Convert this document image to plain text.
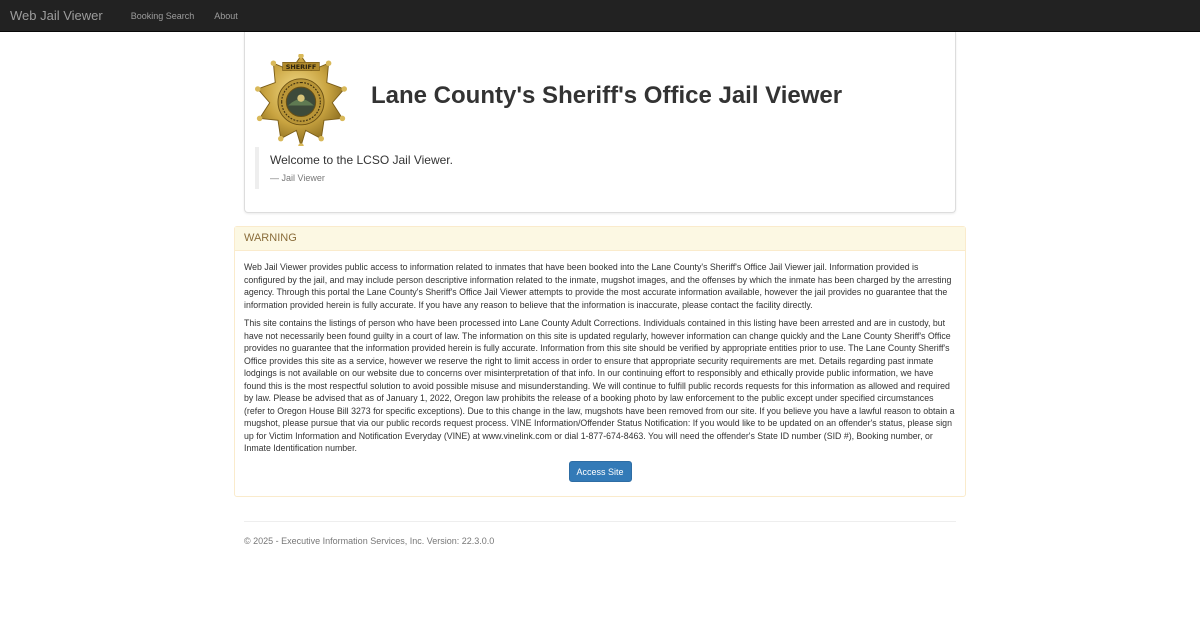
Web Jail Viewer	Booking Search	About
SHERIFF
Lane County's Sheriff's Office Jail Viewer
Welcome to the LCSO Jail Viewer.
— Jail Viewer
WARNING

Web Jail Viewer provides public access to information related to inmates that have been booked into the Lane County's Sheriff's Office Jail Viewer jail. Information provided is configured by the jail, and may include person descriptive information related to the inmate, mugshot images, and the offenses by which the inmate has been charged by the arresting agency. Through this portal the Lane County's Sheriff's Office Jail Viewer attempts to provide the most accurate information available, however the jail provides no guarantee that the information provided herein is fully accurate. If you have any reason to believe that the information is inaccurate, please contact the facility directly.

This site contains the listings of person who have been processed into Lane County Adult Corrections. Individuals contained in this listing have been arrested and are in custody, but have not necessarily been found guilty in a court of law. The information on this site is updated regularly, however information can change quickly and the Lane County Sheriff's Office provides no guarantee that the information provided herein is fully accurate. Information from this site should be verified by appropriate entities prior to use. The Lane County Sheriff's Office provides this site as a service, however we reserve the right to limit access in order to ensure that appropriate security requirements are met. Details regarding past inmate lodgings is not available on our website due to concerns over misinterpretation of that info. In our continuing effort to responsibly and ethically provide public information, we have found this is the most respectful solution to avoid possible misuse and misunderstanding. We will continue to fulfill public records requests for this information as allowed and required by law. Please be advised that as of January 1, 2022, Oregon law prohibits the release of a booking photo by law enforcement to the public except under specified circumstances (refer to Oregon House Bill 3273 for specific exceptions). Due to this change in the law, mugshots have been removed from our site. If you believe you have a lawful reason to obtain a mugshot, please pursue that via our public records request process. VINE Information/Offender Status Notification: If you would like to be updated on an offender's status, please sign up for Victim Information and Notification Everyday (VINE) at www.vinelink.com or dial 1-877-674-8463. You will need the offender's State ID number (SID #), Booking number, or Inmate Identification number.

Access Site
© 2025 - Executive Information Services, Inc. Version: 22.3.0.0
